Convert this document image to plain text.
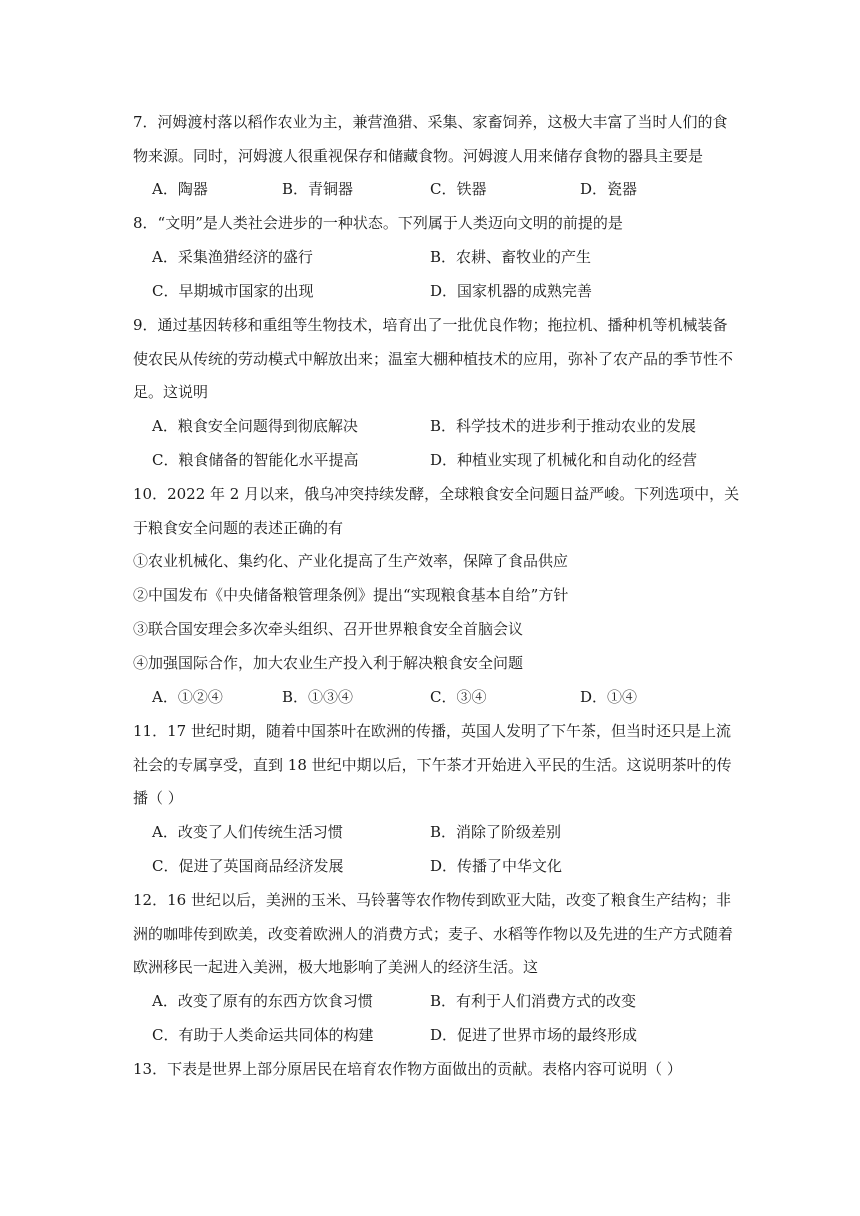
7．河姆渡村落以稻作农业为主，兼营渔猎、采集、家畜饲养，这极大丰富了当时人们的食
物来源。同时，河姆渡人很重视保存和储藏食物。河姆渡人用来储存食物的器具主要是
A．陶器	B．青铜器	C．铁器	D．瓷器
8．“文明”是人类社会进步的一种状态。下列属于人类迈向文明的前提的是
A．采集渔猎经济的盛行	B．农耕、畜牧业的产生
C．早期城市国家的出现	D．国家机器的成熟完善
9．通过基因转移和重组等生物技术，培育出了一批优良作物；拖拉机、播种机等机械装备
使农民从传统的劳动模式中解放出来；温室大棚种植技术的应用，弥补了农产品的季节性不
足。这说明
A．粮食安全问题得到彻底解决	B．科学技术的进步利于推动农业的发展
C．粮食储备的智能化水平提高	D．种植业实现了机械化和自动化的经营
10．2022 年 2 月以来，俄乌冲突持续发酵，全球粮食安全问题日益严峻。下列选项中，关
于粮食安全问题的表述正确的有
①农业机械化、集约化、产业化提高了生产效率，保障了食品供应
②中国发布《中央储备粮管理条例》提出“实现粮食基本自给”方针
③联合国安理会多次牵头组织、召开世界粮食安全首脑会议
④加强国际合作，加大农业生产投入利于解决粮食安全问题
A．①②④	B．①③④	C．③④	D．①④
11．17 世纪时期，随着中国茶叶在欧洲的传播，英国人发明了下午茶，但当时还只是上流
社会的专属享受，直到 18 世纪中期以后，下午茶才开始进入平民的生活。这说明茶叶的传
播（ ）
A．改变了人们传统生活习惯	B．消除了阶级差别
C．促进了英国商品经济发展	D．传播了中华文化
12．16 世纪以后，美洲的玉米、马铃薯等农作物传到欧亚大陆，改变了粮食生产结构；非
洲的咖啡传到欧美，改变着欧洲人的消费方式；麦子、水稻等作物以及先进的生产方式随着
欧洲移民一起进入美洲，极大地影响了美洲人的经济生活。这
A．改变了原有的东西方饮食习惯	B．有利于人们消费方式的改变
C．有助于人类命运共同体的构建	D．促进了世界市场的最终形成
13．下表是世界上部分原居民在培育农作物方面做出的贡献。表格内容可说明（ ）
